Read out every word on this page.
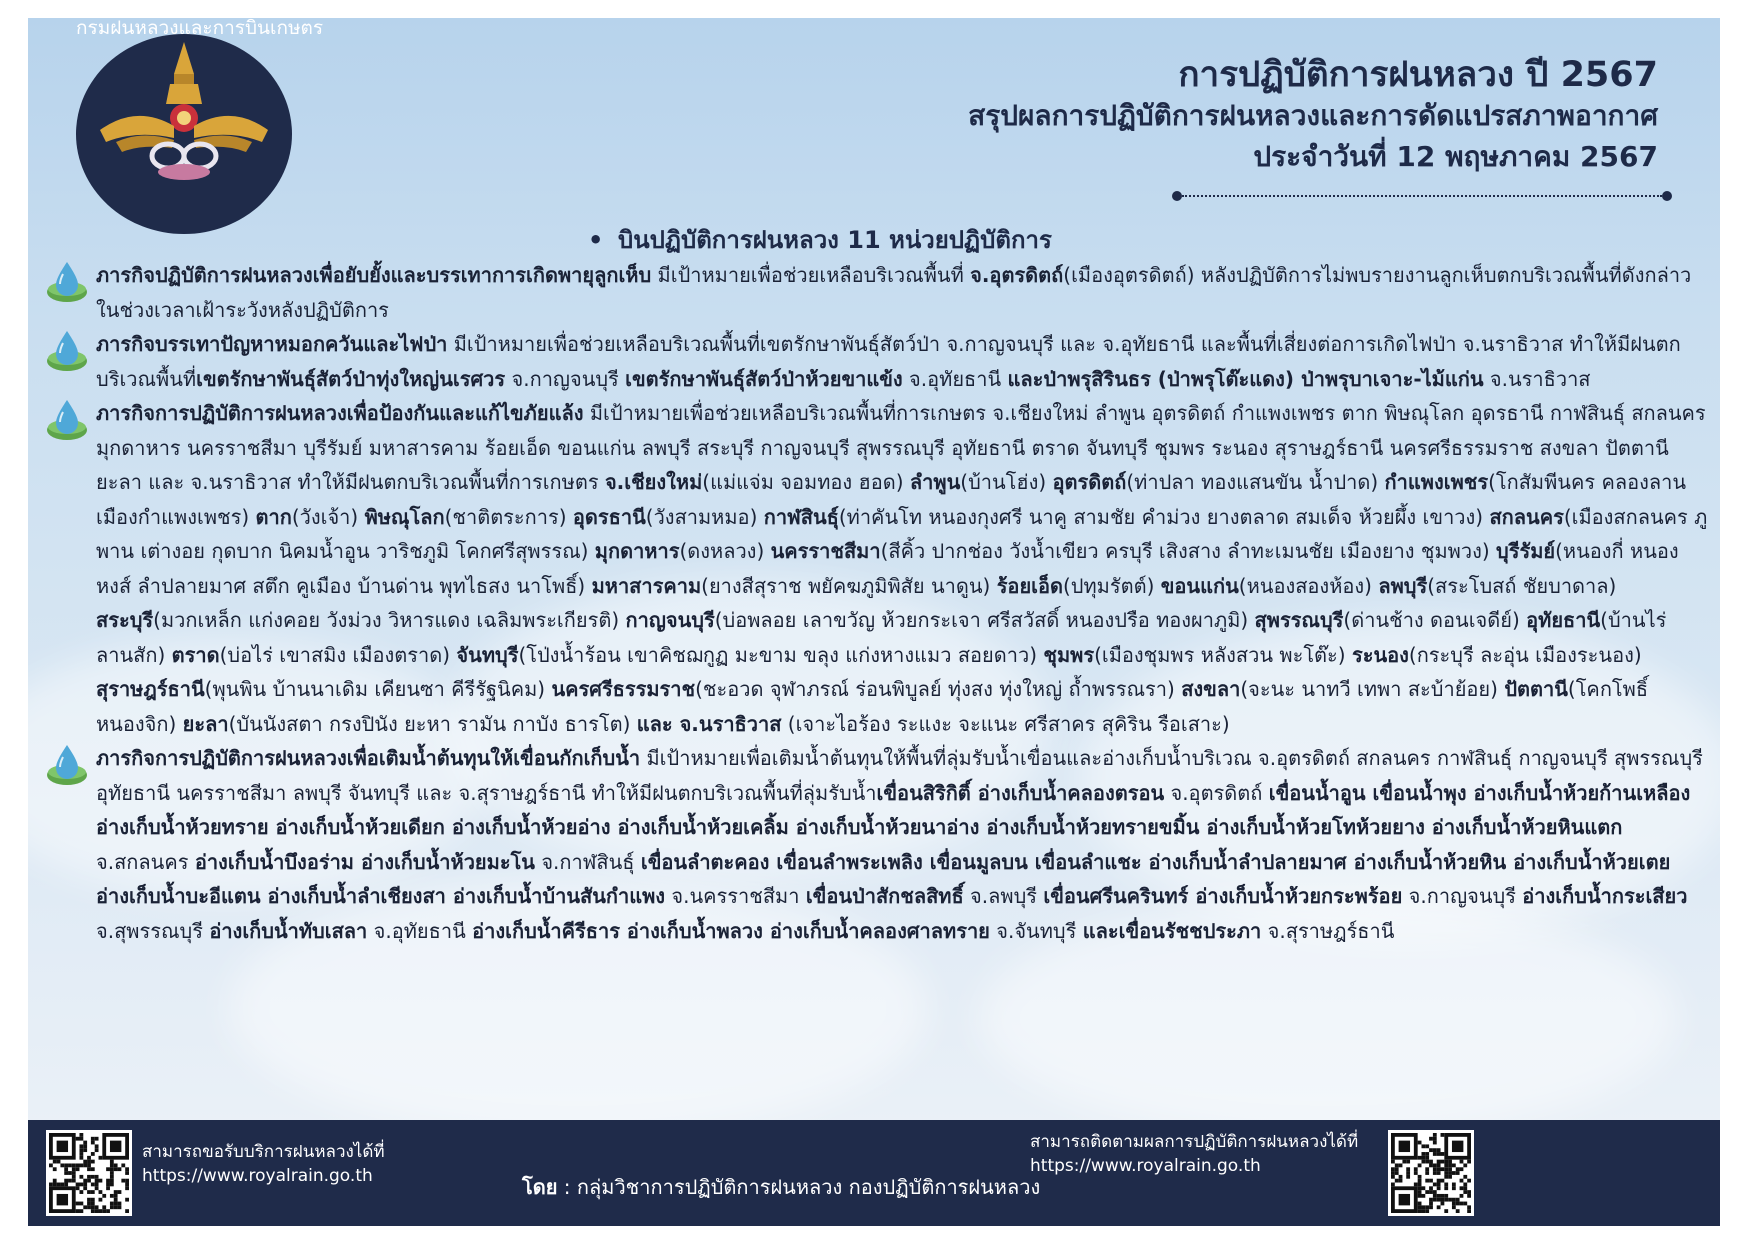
กรมฝนหลวงและการบินเกษตร
การปฏิบัติการฝนหลวง ปี 2567
สรุปผลการปฏิบัติการฝนหลวงและการดัดแปรสภาพอากาศ
ประจำวันที่ 12 พฤษภาคม 2567
• บินปฏิบัติการฝนหลวง 11 หน่วยปฏิบัติการ
ภารกิจปฏิบัติการฝนหลวงเพื่อยับยั้งและบรรเทาการเกิดพายุลูกเห็บ มีเป้าหมายเพื่อช่วยเหลือบริเวณพื้นที่ จ.อุตรดิตถ์(เมืองอุตรดิตถ์) หลังปฏิบัติการไม่พบรายงานลูกเห็บตกบริเวณพื้นที่ดังกล่าว ในช่วงเวลาเฝ้าระวังหลังปฏิบัติการ
ภารกิจบรรเทาปัญหาหมอกควันและไฟป่า มีเป้าหมายเพื่อช่วยเหลือบริเวณพื้นที่เขตรักษาพันธุ์สัตว์ป่า จ.กาญจนบุรี และ จ.อุทัยธานี และพื้นที่เสี่ยงต่อการเกิดไฟป่า จ.นราธิวาส ทำให้มีฝนตกบริเวณพื้นที่เขตรักษาพันธุ์สัตว์ป่าทุ่งใหญ่นเรศวร จ.กาญจนบุรี เขตรักษาพันธุ์สัตว์ป่าห้วยขาแข้ง จ.อุทัยธานี และป่าพรุสิรินธร (ป่าพรุโต๊ะแดง) ป่าพรุบาเจาะ-ไม้แก่น จ.นราธิวาส
ภารกิจการปฏิบัติการฝนหลวงเพื่อป้องกันและแก้ไขภัยแล้ง มีเป้าหมายเพื่อช่วยเหลือบริเวณพื้นที่การเกษตร จ.เชียงใหม่ ลำพูน อุตรดิตถ์ กำแพงเพชร ตาก พิษณุโลก อุดรธานี กาฬสินธุ์ สกลนคร มุกดาหาร นครราชสีมา บุรีรัมย์ มหาสารคาม ร้อยเอ็ด ขอนแก่น ลพบุรี สระบุรี กาญจนบุรี สุพรรณบุรี อุทัยธานี ตราด จันทบุรี ชุมพร ระนอง สุราษฎร์ธานี นครศรีธรรมราช สงขลา ปัตตานี ยะลา และ จ.นราธิวาส ทำให้มีฝนตกบริเวณพื้นที่การเกษตร จ.เชียงใหม่(แม่แจ่ม จอมทอง ฮอด) ลำพูน(บ้านโฮ่ง) อุตรดิตถ์(ท่าปลา ทองแสนขัน น้ำปาด) กำแพงเพชร(โกสัมพีนคร คลองลาน เมืองกำแพงเพชร) ตาก(วังเจ้า) พิษณุโลก(ชาติตระการ) อุดรธานี(วังสามหมอ) กาฬสินธุ์(ท่าคันโท หนองกุงศรี นาคู สามชัย คำม่วง ยางตลาด สมเด็จ ห้วยผึ้ง เขาวง) สกลนคร(เมืองสกลนคร ภูพาน เต่างอย กุดบาก นิคมน้ำอูน วาริชภูมิ โคกศรีสุพรรณ) มุกดาหาร(ดงหลวง) นครราชสีมา(สีคิ้ว ปากช่อง วังน้ำเขียว ครบุรี เสิงสาง ลำทะเมนชัย เมืองยาง ชุมพวง) บุรีรัมย์(หนองกี่ หนองหงส์ ลำปลายมาศ สตึก คูเมือง บ้านด่าน พุทไธสง นาโพธิ์) มหาสารคาม(ยางสีสุราช พยัคฆภูมิพิสัย นาดูน) ร้อยเอ็ด(ปทุมรัตต์) ขอนแก่น(หนองสองห้อง) ลพบุรี(สระโบสถ์ ชัยบาดาล) สระบุรี(มวกเหล็ก แก่งคอย วังม่วง วิหารแดง เฉลิมพระเกียรติ) กาญจนบุรี(บ่อพลอย เลาขวัญ ห้วยกระเจา ศรีสวัสดิ์ หนองปรือ ทองผาภูมิ) สุพรรณบุรี(ด่านช้าง ดอนเจดีย์) อุทัยธานี(บ้านไร่ ลานสัก) ตราด(บ่อไร่ เขาสมิง เมืองตราด) จันทบุรี(โป่งน้ำร้อน เขาคิชฌกูฏ มะขาม ขลุง แก่งหางแมว สอยดาว) ชุมพร(เมืองชุมพร หลังสวน พะโต๊ะ) ระนอง(กระบุรี ละอุ่น เมืองระนอง) สุราษฎร์ธานี(พุนพิน บ้านนาเดิม เคียนซา คีรีรัฐนิคม) นครศรีธรรมราช(ชะอวด จุฬาภรณ์ ร่อนพิบูลย์ ทุ่งสง ทุ่งใหญ่ ถ้ำพรรณรา) สงขลา(จะนะ นาทวี เทพา สะบ้าย้อย) ปัตตานี(โคกโพธิ์ หนองจิก) ยะลา(บันนังสตา กรงปินัง ยะหา รามัน กาบัง ธารโต) และ จ.นราธิวาส (เจาะไอร้อง ระแงะ จะแนะ ศรีสาคร สุคิริน รือเสาะ)
ภารกิจการปฏิบัติการฝนหลวงเพื่อเติมน้ำต้นทุนให้เขื่อนกักเก็บน้ำ มีเป้าหมายเพื่อเติมน้ำต้นทุนให้พื้นที่ลุ่มรับน้ำเขื่อนและอ่างเก็บน้ำบริเวณ จ.อุตรดิตถ์ สกลนคร กาฬสินธุ์ กาญจนบุรี สุพรรณบุรี อุทัยธานี นครราชสีมา ลพบุรี จันทบุรี และ จ.สุราษฎร์ธานี ทำให้มีฝนตกบริเวณพื้นที่ลุ่มรับน้ำเขื่อนสิริกิติ์ อ่างเก็บน้ำคลองตรอน จ.อุตรดิตถ์ เขื่อนน้ำอูน เขื่อนน้ำพุง อ่างเก็บน้ำห้วยก้านเหลือง อ่างเก็บน้ำห้วยทราย อ่างเก็บน้ำห้วยเดียก อ่างเก็บน้ำห้วยอ่าง อ่างเก็บน้ำห้วยเคลิ้ม อ่างเก็บน้ำห้วยนาอ่าง อ่างเก็บน้ำห้วยทรายขมิ้น อ่างเก็บน้ำห้วยโทห้วยยาง อ่างเก็บน้ำห้วยหินแตก จ.สกลนคร อ่างเก็บน้ำบึงอร่าม อ่างเก็บน้ำห้วยมะโน จ.กาฬสินธุ์ เขื่อนลำตะคอง เขื่อนลำพระเพลิง เขื่อนมูลบน เขื่อนลำแชะ อ่างเก็บน้ำลำปลายมาศ อ่างเก็บน้ำห้วยหิน อ่างเก็บน้ำห้วยเตย อ่างเก็บน้ำบะอีแตน อ่างเก็บน้ำลำเชียงสา อ่างเก็บน้ำบ้านสันกำแพง จ.นครราชสีมา เขื่อนป่าสักชลสิทธิ์ จ.ลพบุรี เขื่อนศรีนครินทร์ อ่างเก็บน้ำห้วยกระพร้อย จ.กาญจนบุรี อ่างเก็บน้ำกระเสียว จ.สุพรรณบุรี อ่างเก็บน้ำทับเสลา จ.อุทัยธานี อ่างเก็บน้ำคีรีธาร อ่างเก็บน้ำพลวง อ่างเก็บน้ำคลองศาลทราย จ.จันทบุรี และเขื่อนรัชชประภา จ.สุราษฎร์ธานี
สามารถขอรับบริการฝนหลวงได้ที่
https://www.royalrain.go.th	โดย : กลุ่มวิชาการปฏิบัติการฝนหลวง กองปฏิบัติการฝนหลวง
สามารถติดตามผลการปฏิบัติการฝนหลวงได้ที่
https://www.royalrain.go.th
